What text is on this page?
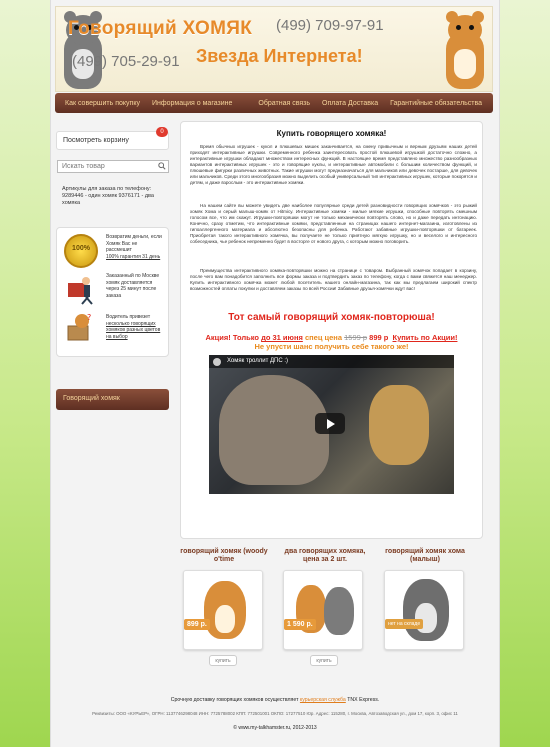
Говорящий ХОМЯК (499) 709-97-91
(499) 705-29-91 Звезда Интернета!
Как совершить покупку Информация о магазине	Обратная связь Оплата Доставка Гарантийные обязательства
Посмотреть корзину
0
Искать товар
Артикулы для заказа по телефону: 9289446 - один хомяк 9376171 - два хомяка
100%
Возвратим деньги, если Хомяк Вас не рассмешит
100% гарантия 31 день
Заказанный по Москве хомяк доставляется через 25 минут после заказа
?	Водитель привезет
несколько говорящих хомяков разных цветов на выбор
Говорящий хомяк
Купить говорящего хомяка!
Время обычных игрушек - кукол и плюшевых мишек заканчивается, на смену привычным и верным друзьям наших детей приходят интерактивные игрушки. Современного ребенка заинтересовать простой плюшевой игрушкой достаточно сложно, а интерактивные игрушки обладают множеством интересных функций. В настоящее время представлено множество разнообразных вариантов интерактивных игрушек - это и говорящие куклы, и интерактивные автомобили с большим количеством функций, и плюшевые фигурки различных животных. Такие игрушки могут предназначаться для мальчиков или девочек постарше, для девочек или мальчиков. Среди этого многообразия можно выделить особый универсальный тип интерактивных игрушек, которые покорятся и детям, и даже взрослым - это интерактивные хомяки.
На нашем сайте вы можете увидеть две наиболее популярные среди детей разновидности говорящих хомячков - это рыжий хомяк Хома и серый малыш-хомяк от Hitmicy. Интерактивные хомяки - милые мягкие игрушки, способные повторять смешным голосом все, что им скажут. Игрушки-повторяшки могут не только механически повторять слово, но и даже передать интонацию. Конечно, сразу отметим, что интерактивные хомяки, представленные на страницах нашего интернет-магазина, изготовлены из гипоаллергенного материала и абсолютно безопасны для ребенка. Работают забавные игрушки-повторяшки от батареек. Приобретая такого интерактивного хомячка, вы получаете не только приятную мягкую игрушку, но и веселого и интересного собеседника, чье ребенок непременно будет в восторге от нового друга, с которым можно поговорить.
Преимущества интерактивного хомяка-повторяшки можно на странице с товаром. Выбранный хомячок попадает в корзину, после чего вам понадобится заполнить все формы заказа и подтвердить заказ по телефону, когда с вами свяжется наш менеджер. Купить интерактивного хомячка может любой посетитель нашего онлайн-магазина, так как мы предлагаем широкий спектр возможностей оплаты покупки и доставляем заказы по всей России! Забавные друзья-хомячки ждут вас!
Тот самый говорящий хомяк-повторюша!
Акция! Только до 31 июня спец цена 1599 р 899 р Купить по Акции!
Не упусти шанс получить себе такого же!
Хомяк троллит ДПС :)
говорящий хомяк (woody o'time
два говорящих хомяка, цена за 2 шт.
говорящий хомяк хома (малыш)
899 р.	1 590 р.	нет на складе
купить	купить
Срочную доставку говорящих хомяков осуществляет курьерская служба TNX Express.
Реквизиты: ООО «КУРЬЕР», ОГРН: 1137746298048 ИНН: 7725788002 КПП: 772501001 ОКПО: 17277510 Юр. Адрес: 115280, г. Москва, Автозаводская ул., дом 17, корп. 3, офис 11
© www.my-talkhamster.ru, 2012-2013
